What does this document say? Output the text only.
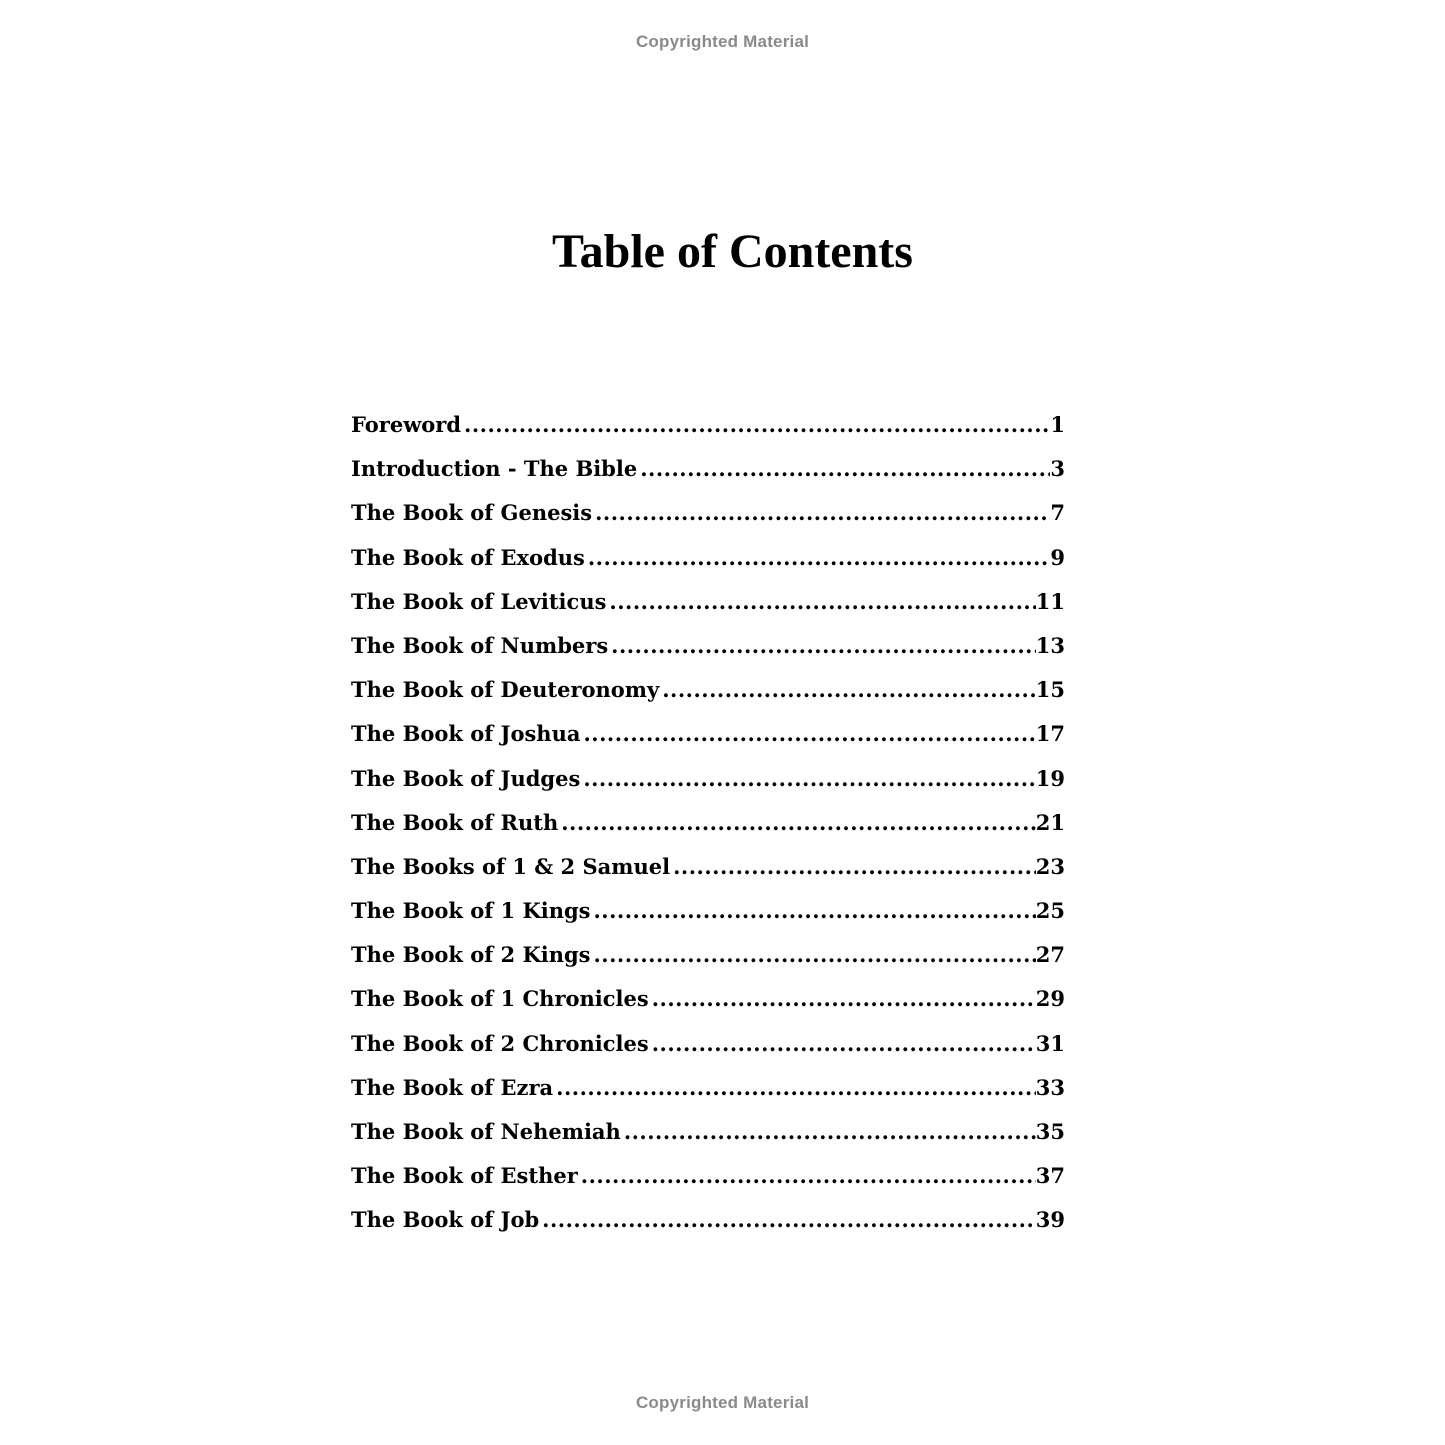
Copyrighted Material
Table of Contents
Foreword .....	1
Introduction - The Bible .....	3
The Book of Genesis .....	7
The Book of Exodus .....	9
The Book of Leviticus .....	11
The Book of Numbers .....	13
The Book of Deuteronomy .....	15
The Book of Joshua .....	17
The Book of Judges .....	19
The Book of Ruth .....	21
The Books of 1 & 2 Samuel .....	23
The Book of 1 Kings .....	25
The Book of 2 Kings .....	27
The Book of 1 Chronicles .....	29
The Book of 2 Chronicles .....	31
The Book of Ezra .....	33
The Book of Nehemiah .....	35
The Book of Esther .....	37
The Book of Job .....	39
Copyrighted Material
